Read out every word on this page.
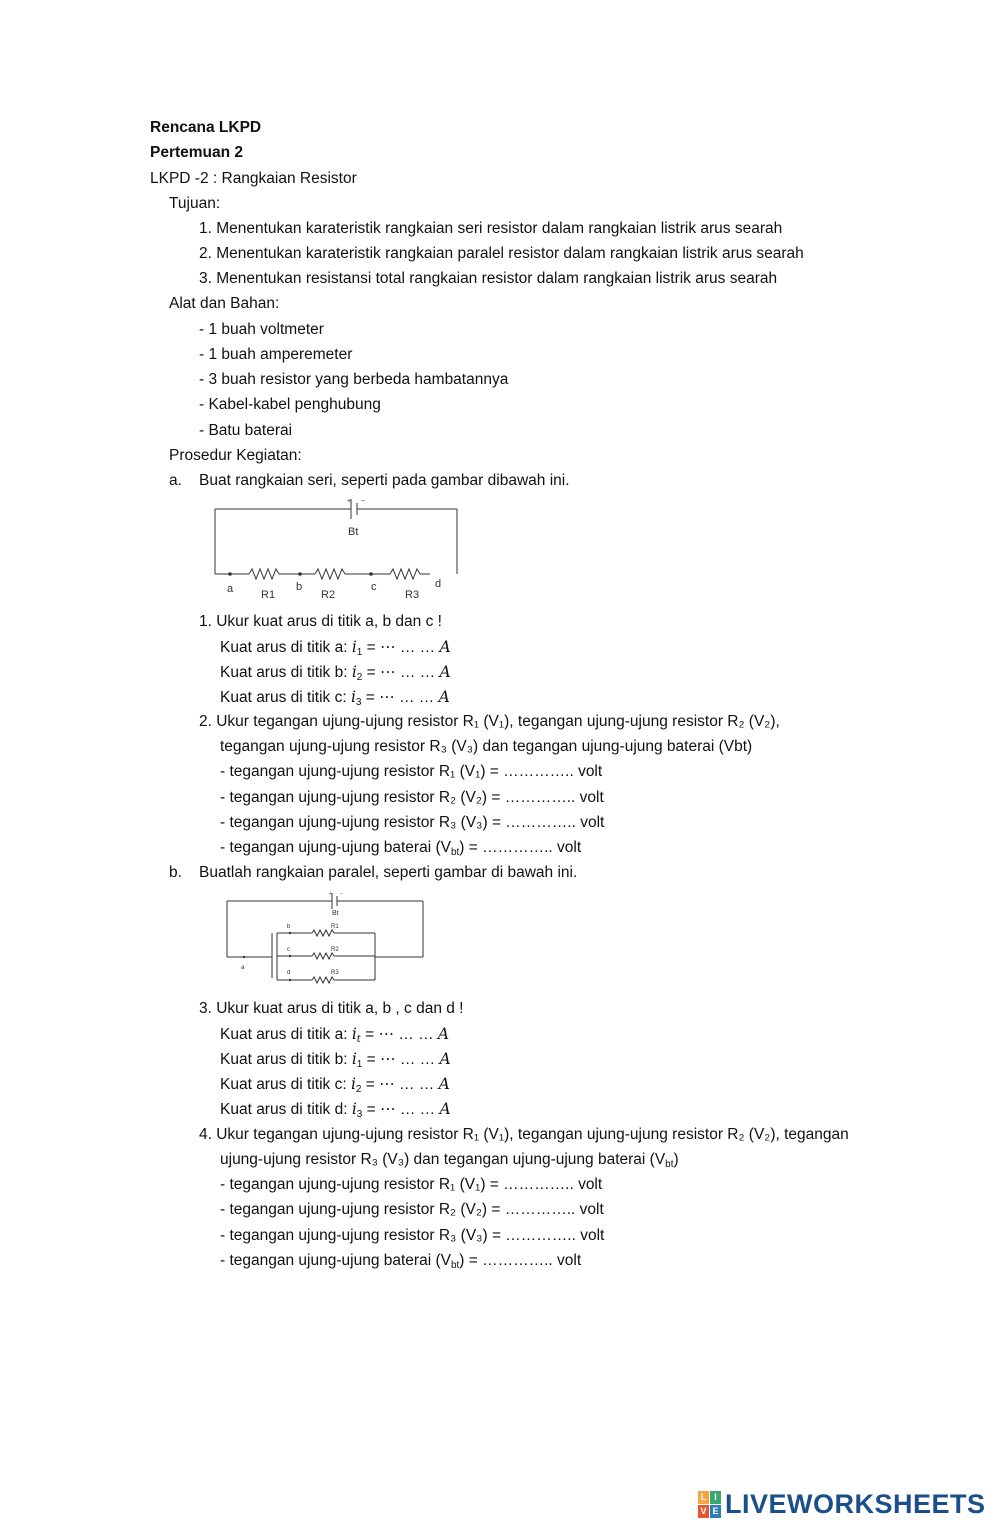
Rencana LKPD
Pertemuan 2
LKPD -2 : Rangkaian Resistor
Tujuan:
1. Menentukan karateristik rangkaian seri resistor dalam rangkaian listrik arus searah
2. Menentukan karateristik rangkaian paralel resistor dalam rangkaian listrik arus searah
3. Menentukan resistansi total rangkaian resistor dalam rangkaian listrik arus searah
Alat dan Bahan:
- 1 buah voltmeter
- 1 buah amperemeter
- 3 buah resistor yang berbeda hambatannya
- Kabel-kabel penghubung
- Batu baterai
Prosedur Kegiatan:
a. Buat rangkaian seri, seperti pada gambar dibawah ini.
+ −
Bt
a	b	c	d
R1	R2	R3
1. Ukur kuat arus di titik a, b dan c !
Kuat arus di titik a: i1 = ⋯ … … A
Kuat arus di titik b: i2 = ⋯ … … A
Kuat arus di titik c: i3 = ⋯ … … A
2. Ukur tegangan ujung-ujung resistor R₁ (V₁), tegangan ujung-ujung resistor R₂ (V₂),
tegangan ujung-ujung resistor R₃ (V₃) dan tegangan ujung-ujung baterai (Vbt)
- tegangan ujung-ujung resistor R₁ (V₁) = ………….. volt
- tegangan ujung-ujung resistor R₂ (V₂) = ………….. volt
- tegangan ujung-ujung resistor R₃ (V₃) = ………….. volt
- tegangan ujung-ujung baterai (Vbt) = ………….. volt
b. Buatlah rangkaian paralel, seperti gambar di bawah ini.
+ −
Bt
a
b
c
d
R1
R2
R3
3. Ukur kuat arus di titik a, b , c dan d !
Kuat arus di titik a: it = ⋯ … … A
Kuat arus di titik b: i1 = ⋯ … … A
Kuat arus di titik c: i2 = ⋯ … … A
Kuat arus di titik d: i3 = ⋯ … … A
4. Ukur tegangan ujung-ujung resistor R₁ (V₁), tegangan ujung-ujung resistor R₂ (V₂), tegangan
ujung-ujung resistor R₃ (V₃) dan tegangan ujung-ujung baterai (Vbt)
- tegangan ujung-ujung resistor R₁ (V₁) = ………….. volt
- tegangan ujung-ujung resistor R₂ (V₂) = ………….. volt
- tegangan ujung-ujung resistor R₃ (V₃) = ………….. volt
- tegangan ujung-ujung baterai (Vbt) = ………….. volt
L I
V E LIVEWORKSHEETS
